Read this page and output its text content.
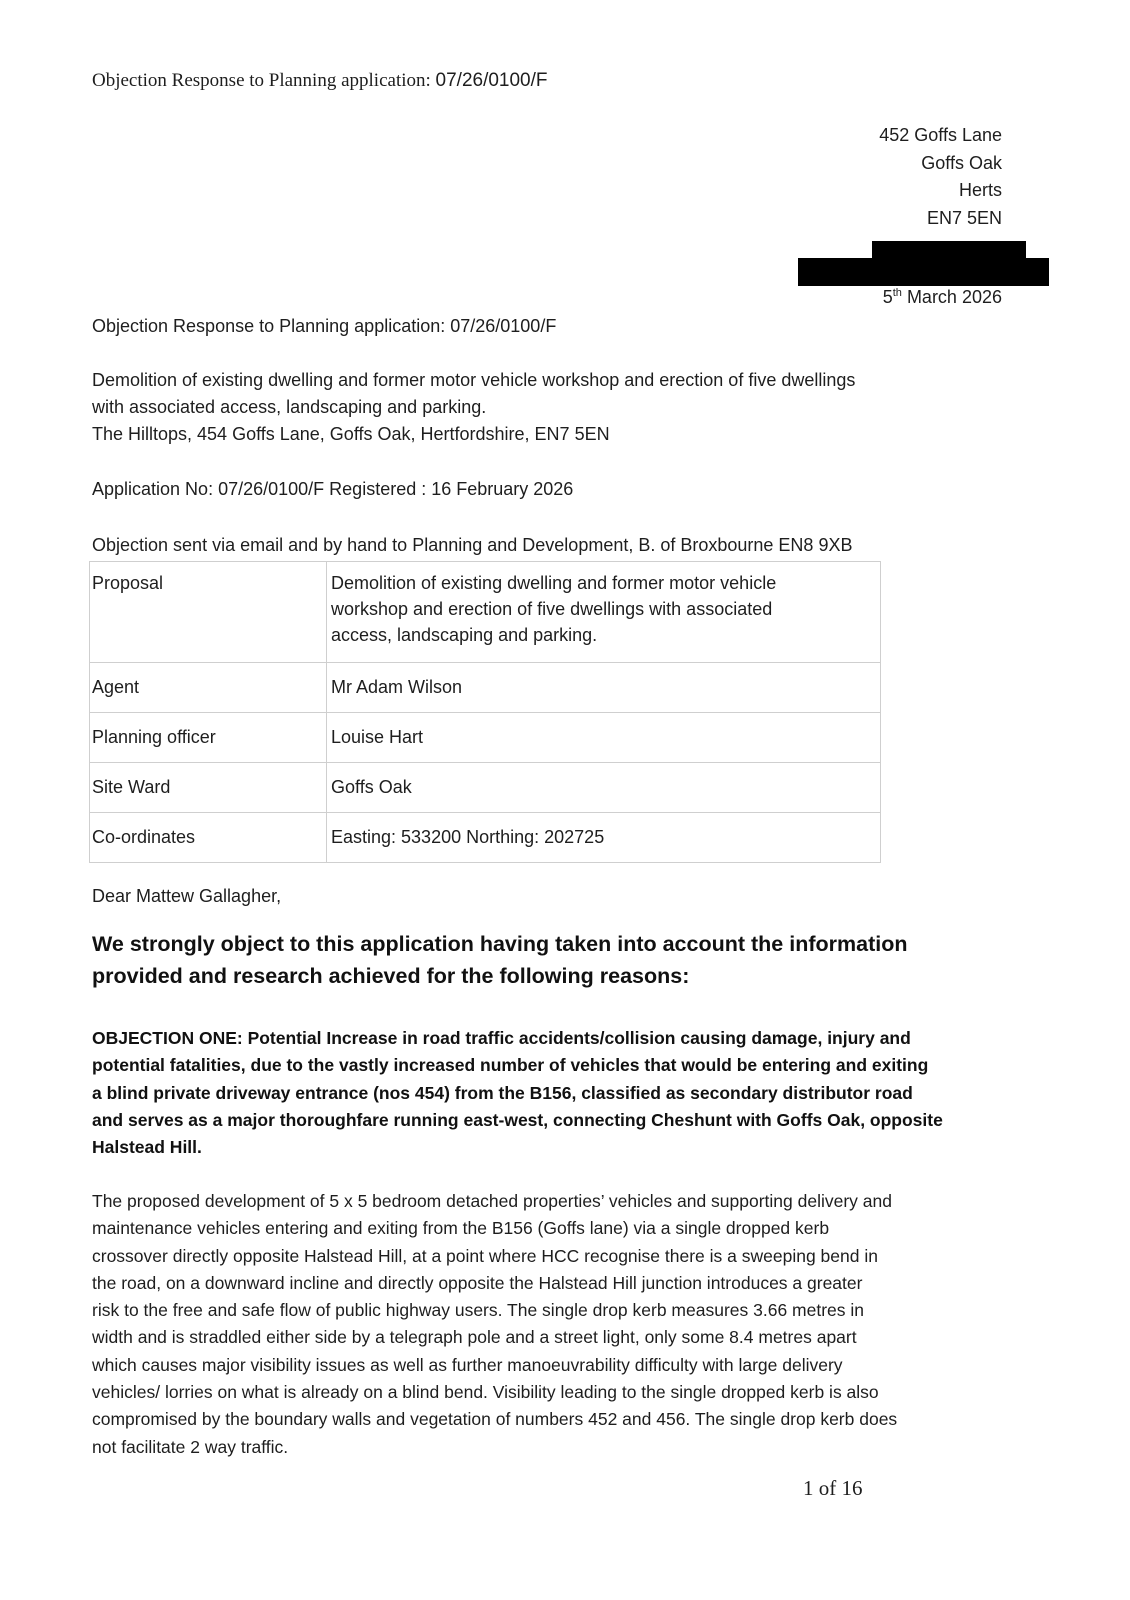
Objection Response to Planning application: 07/26/0100/F
452 Goffs Lane
Goffs Oak
Herts
EN7 5EN
5th March 2026
Objection Response to Planning application: 07/26/0100/F
Demolition of existing dwelling and former motor vehicle workshop and erection of five dwellings
with associated access, landscaping and parking.
The Hilltops, 454 Goffs Lane, Goffs Oak, Hertfordshire, EN7 5EN
Application No: 07/26/0100/F Registered : 16 February 2026
Objection sent via email and by hand to Planning and Development, B. of Broxbourne EN8 9XB
Proposal	Demolition of existing dwelling and former motor vehicle
workshop and erection of five dwellings with associated
access, landscaping and parking.

Agent	Mr Adam Wilson
Planning officer	Louise Hart
Site Ward	Goffs Oak
Co-ordinates	Easting: 533200 Northing: 202725
Dear Mattew Gallagher,
We strongly object to this application having taken into account the information
provided and research achieved for the following reasons:
OBJECTION ONE: Potential Increase in road traffic accidents/collision causing damage, injury and
potential fatalities, due to the vastly increased number of vehicles that would be entering and exiting
a blind private driveway entrance (nos 454) from the B156, classified as secondary distributor road
and serves as a major thoroughfare running east-west, connecting Cheshunt with Goffs Oak, opposite
Halstead Hill.
The proposed development of 5 x 5 bedroom detached properties’ vehicles and supporting delivery and
maintenance vehicles entering and exiting from the B156 (Goffs lane) via a single dropped kerb
crossover directly opposite Halstead Hill, at a point where HCC recognise there is a sweeping bend in
the road, on a downward incline and directly opposite the Halstead Hill junction introduces a greater
risk to the free and safe flow of public highway users. The single drop kerb measures 3.66 metres in
width and is straddled either side by a telegraph pole and a street light, only some 8.4 metres apart
which causes major visibility issues as well as further manoeuvrability difficulty with large delivery
vehicles/ lorries on what is already on a blind bend. Visibility leading to the single dropped kerb is also
compromised by the boundary walls and vegetation of numbers 452 and 456. The single drop kerb does
not facilitate 2 way traffic.
1 of 16
